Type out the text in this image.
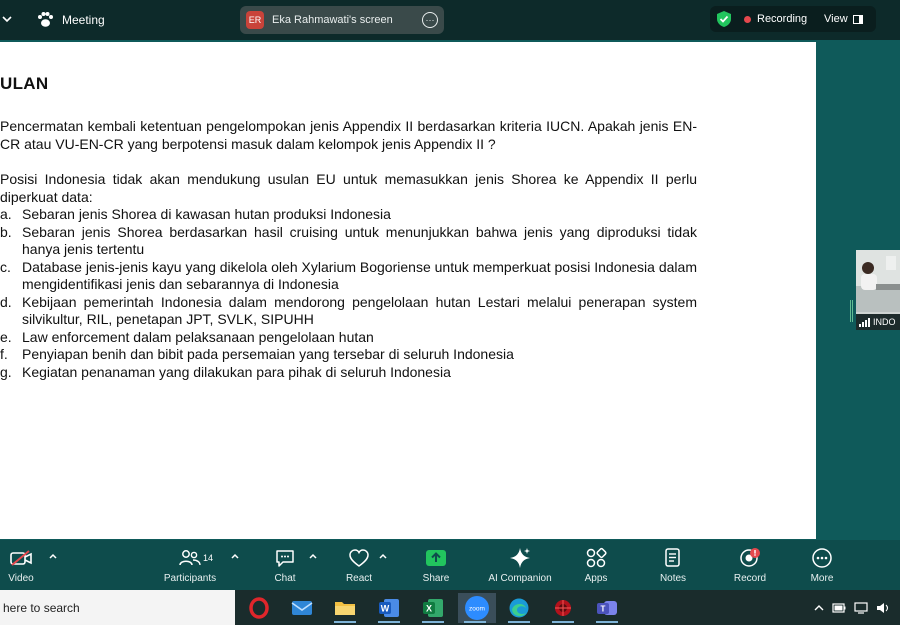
Meeting	ER Eka Rahmawati's screen	···	Recording View
ULAN
Pencermatan kembali ketentuan pengelompokan jenis Appendix II berdasarkan kriteria IUCN. Apakah jenis EN-CR atau VU-EN-CR yang berpotensi masuk dalam kelompok jenis Appendix II ?
Posisi Indonesia tidak akan mendukung usulan EU untuk memasukkan jenis Shorea ke Appendix II perlu diperkuat data:
a. Sebaran jenis Shorea di kawasan hutan produksi Indonesia
b. Sebaran jenis Shorea berdasarkan hasil cruising untuk menunjukkan bahwa jenis yang diproduksi tidak hanya jenis tertentu
c. Database jenis-jenis kayu yang dikelola oleh Xylarium Bogoriense untuk memperkuat posisi Indonesia dalam mengidentifikasi jenis dan sebarannya di Indonesia
d. Kebijaan pemerintah Indonesia dalam mendorong pengelolaan hutan Lestari melalui penerapan system silvikultur, RIL, penetapan JPT, SVLK, SIPUHH
e. Law enforcement dalam pelaksanaan pengelolaan hutan
f.	Penyiapan benih dan bibit pada persemaian yang tersebar di seluruh Indonesia
g. Kegiatan penanaman yang dilakukan para pihak di seluruh Indonesia
INDO
Video	Participants	Chat	React	Share	AI Companion	Apps	Notes	Record	More
14
here to search	W	X	zoom	T
